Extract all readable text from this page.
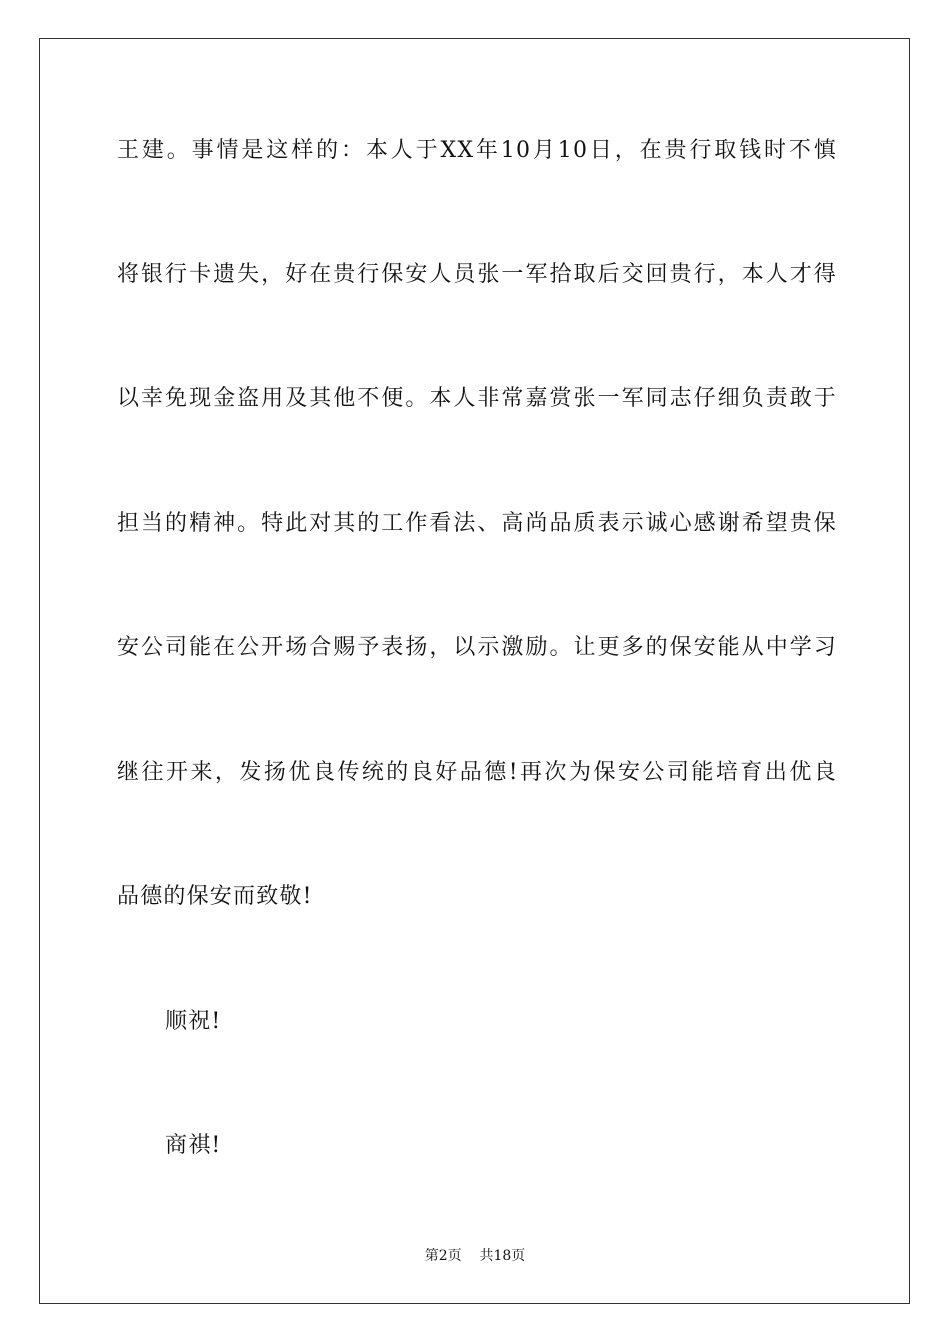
王建。事情是这样的：本人于XX年10月10日，在贵行取钱时不慎
将银行卡遗失，好在贵行保安人员张一军拾取后交回贵行，本人才得
以幸免现金盗用及其他不便。本人非常嘉赏张一军同志仔细负责敢于
担当的精神。特此对其的工作看法、高尚品质表示诚心感谢希望贵保
安公司能在公开场合赐予表扬，以示激励。让更多的保安能从中学习
继往开来，发扬优良传统的良好品德!再次为保安公司能培育出优良
品德的保安而致敬!
顺祝!
商祺!
第2页    共18页
